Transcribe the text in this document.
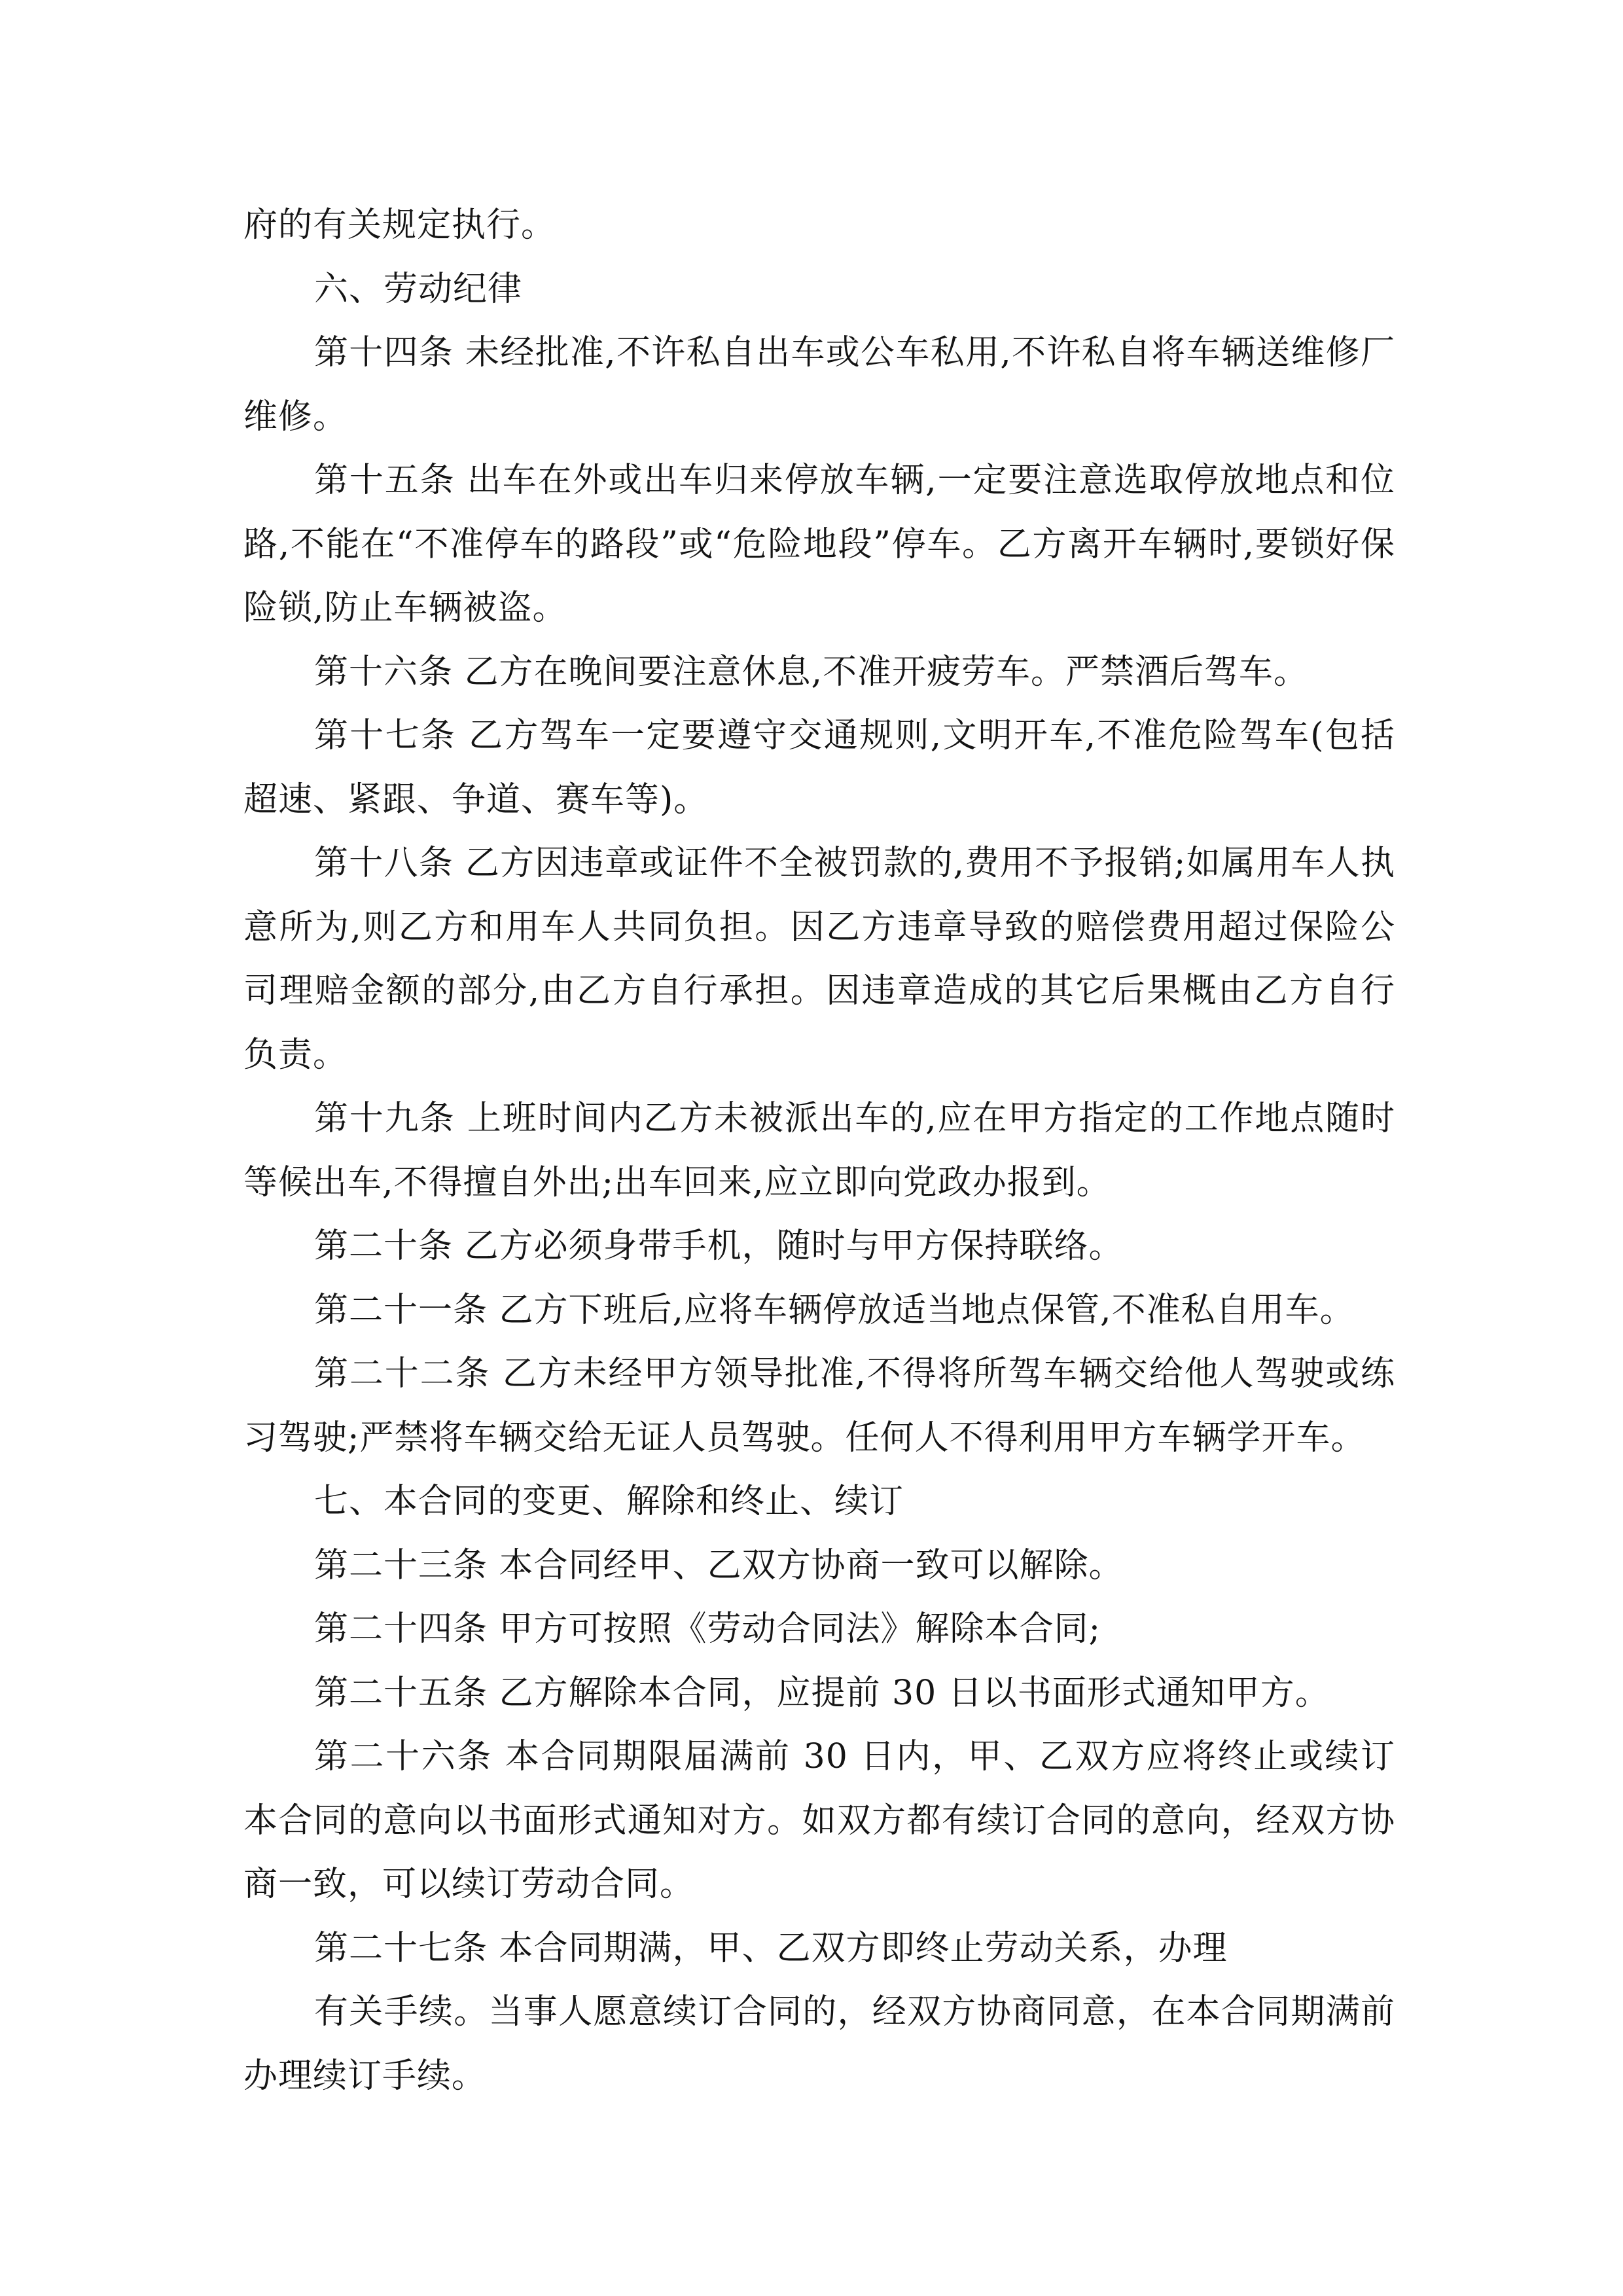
府的有关规定执行。

六、劳动纪律

第十四条 未经批准,不许私自出车或公车私用,不许私自将车辆送维修厂维修。

第十五条 出车在外或出车归来停放车辆,一定要注意选取停放地点和位路,不能在“不准停车的路段”或“危险地段”停车。乙方离开车辆时,要锁好保险锁,防止车辆被盗。

第十六条 乙方在晚间要注意休息,不准开疲劳车。严禁酒后驾车。

第十七条 乙方驾车一定要遵守交通规则,文明开车,不准危险驾车(包括超速、紧跟、争道、赛车等)。

第十八条 乙方因违章或证件不全被罚款的,费用不予报销;如属用车人执意所为,则乙方和用车人共同负担。因乙方违章导致的赔偿费用超过保险公司理赔金额的部分,由乙方自行承担。因违章造成的其它后果概由乙方自行负责。

第十九条 上班时间内乙方未被派出车的,应在甲方指定的工作地点随时等候出车,不得擅自外出;出车回来,应立即向党政办报到。

第二十条 乙方必须身带手机，随时与甲方保持联络。

第二十一条 乙方下班后,应将车辆停放适当地点保管,不准私自用车。

第二十二条 乙方未经甲方领导批准,不得将所驾车辆交给他人驾驶或练习驾驶;严禁将车辆交给无证人员驾驶。任何人不得利用甲方车辆学开车。

七、本合同的变更、解除和终止、续订

第二十三条 本合同经甲、乙双方协商一致可以解除。

第二十四条 甲方可按照《劳动合同法》解除本合同;

第二十五条 乙方解除本合同，应提前 30 日以书面形式通知甲方。

第二十六条 本合同期限届满前 30 日内，甲、乙双方应将终止或续订本合同的意向以书面形式通知对方。如双方都有续订合同的意向，经双方协商一致，可以续订劳动合同。

第二十七条 本合同期满，甲、乙双方即终止劳动关系，办理

有关手续。当事人愿意续订合同的，经双方协商同意，在本合同期满前办理续订手续。
